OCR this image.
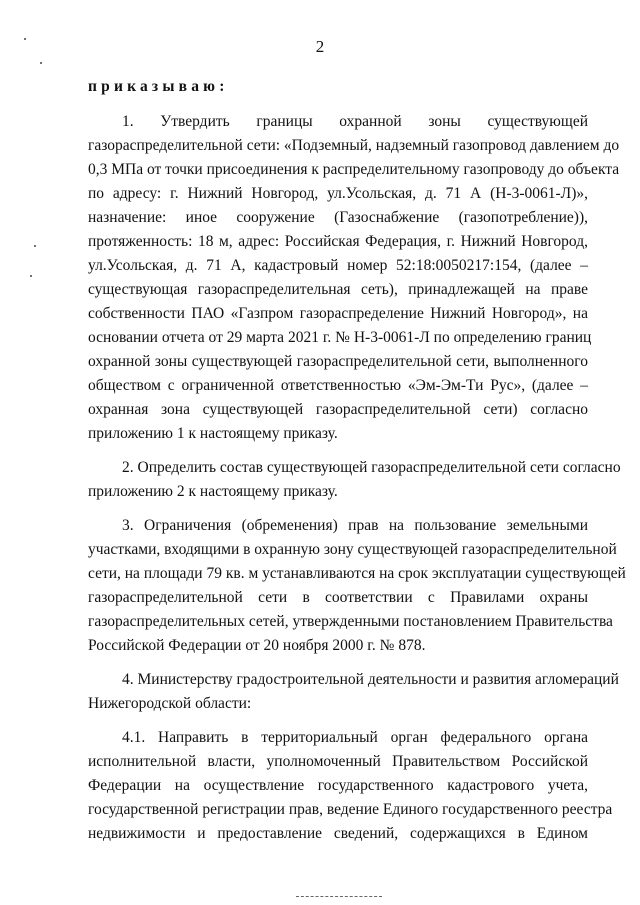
2
приказываю:
1. Утвердить границы охранной зоны существующей
газораспределительной сети: «Подземный, надземный газопровод давлением до
0,3 МПа от точки присоединения к распределительному газопроводу до объекта
по адресу: г. Нижний Новгород, ул.Усольская, д. 71 А (Н-3-0061-Л)»,
назначение: иное сооружение (Газоснабжение (газопотребление)),
протяженность: 18 м, адрес: Российская Федерация, г. Нижний Новгород,
ул.Усольская, д. 71 А, кадастровый номер 52:18:0050217:154, (далее –
существующая газораспределительная сеть), принадлежащей на праве
собственности ПАО «Газпром газораспределение Нижний Новгород», на
основании отчета от 29 марта 2021 г. № Н-3-0061-Л по определению границ
охранной зоны существующей газораспределительной сети, выполненного
обществом с ограниченной ответственностью «Эм-Эм-Ти Рус», (далее –
охранная зона существующей газораспределительной сети) согласно
приложению 1 к настоящему приказу.
2. Определить состав существующей газораспределительной сети согласно
приложению 2 к настоящему приказу.
3. Ограничения (обременения) прав на пользование земельными
участками, входящими в охранную зону существующей газораспределительной
сети, на площади 79 кв. м устанавливаются на срок эксплуатации существующей
газораспределительной сети в соответствии с Правилами охраны
газораспределительных сетей, утвержденными постановлением Правительства
Российской Федерации от 20 ноября 2000 г. № 878.
4. Министерству градостроительной деятельности и развития агломераций
Нижегородской области:
4.1. Направить в территориальный орган федерального органа
исполнительной власти, уполномоченный Правительством Российской
Федерации на осуществление государственного кадастрового учета,
государственной регистрации прав, ведение Единого государственного реестра
недвижимости и предоставление сведений, содержащихся в Едином
